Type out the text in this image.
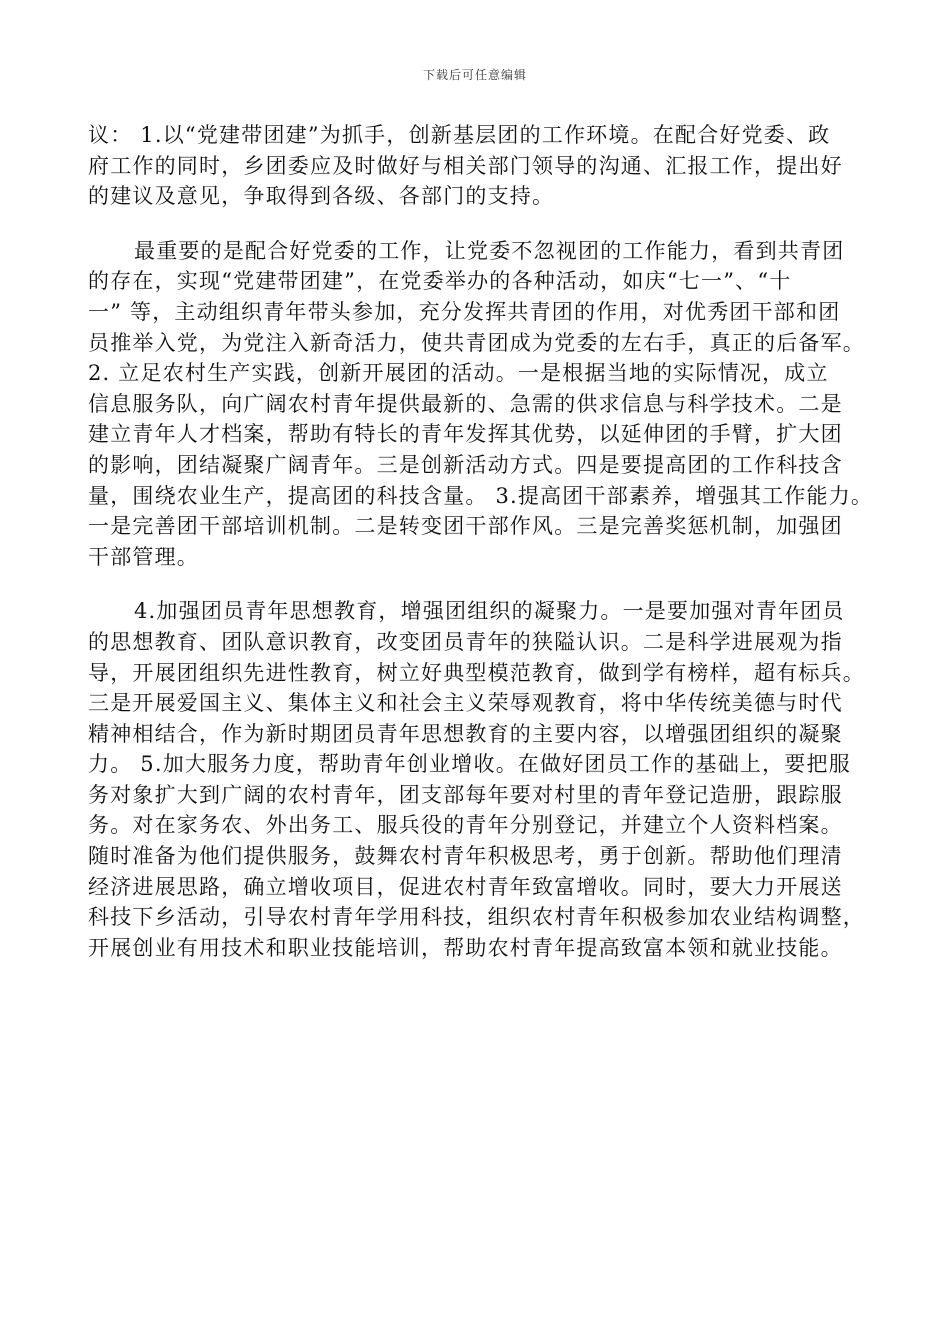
下载后可任意编辑
议： 1.以“党建带团建”为抓手，创新基层团的工作环境。在配合好党委、政
府工作的同时，乡团委应及时做好与相关部门领导的沟通、汇报工作，提出好
的建议及意见，争取得到各级、各部门的支持。
最重要的是配合好党委的工作，让党委不忽视团的工作能力，看到共青团
的存在，实现“党建带团建”，在党委举办的各种活动，如庆“七一”、“十
一” 等，主动组织青年带头参加，充分发挥共青团的作用，对优秀团干部和团
员推举入党，为党注入新奇活力，使共青团成为党委的左右手，真正的后备军。
2. 立足农村生产实践，创新开展团的活动。一是根据当地的实际情况，成立
信息服务队，向广阔农村青年提供最新的、急需的供求信息与科学技术。二是
建立青年人才档案，帮助有特长的青年发挥其优势，以延伸团的手臂，扩大团
的影响，团结凝聚广阔青年。三是创新活动方式。四是要提高团的工作科技含
量，围绕农业生产，提高团的科技含量。 3.提高团干部素养，增强其工作能力。
一是完善团干部培训机制。二是转变团干部作风。三是完善奖惩机制，加强团
干部管理。
4.加强团员青年思想教育，增强团组织的凝聚力。一是要加强对青年团员
的思想教育、团队意识教育，改变团员青年的狭隘认识。二是科学进展观为指
导，开展团组织先进性教育，树立好典型模范教育，做到学有榜样，超有标兵。
三是开展爱国主义、集体主义和社会主义荣辱观教育，将中华传统美德与时代
精神相结合，作为新时期团员青年思想教育的主要内容，以增强团组织的凝聚
力。 5.加大服务力度，帮助青年创业增收。在做好团员工作的基础上，要把服
务对象扩大到广阔的农村青年，团支部每年要对村里的青年登记造册，跟踪服
务。对在家务农、外出务工、服兵役的青年分别登记，并建立个人资料档案。
随时准备为他们提供服务，鼓舞农村青年积极思考，勇于创新。帮助他们理清
经济进展思路，确立增收项目，促进农村青年致富增收。同时，要大力开展送
科技下乡活动，引导农村青年学用科技，组织农村青年积极参加农业结构调整，
开展创业有用技术和职业技能培训，帮助农村青年提高致富本领和就业技能。
